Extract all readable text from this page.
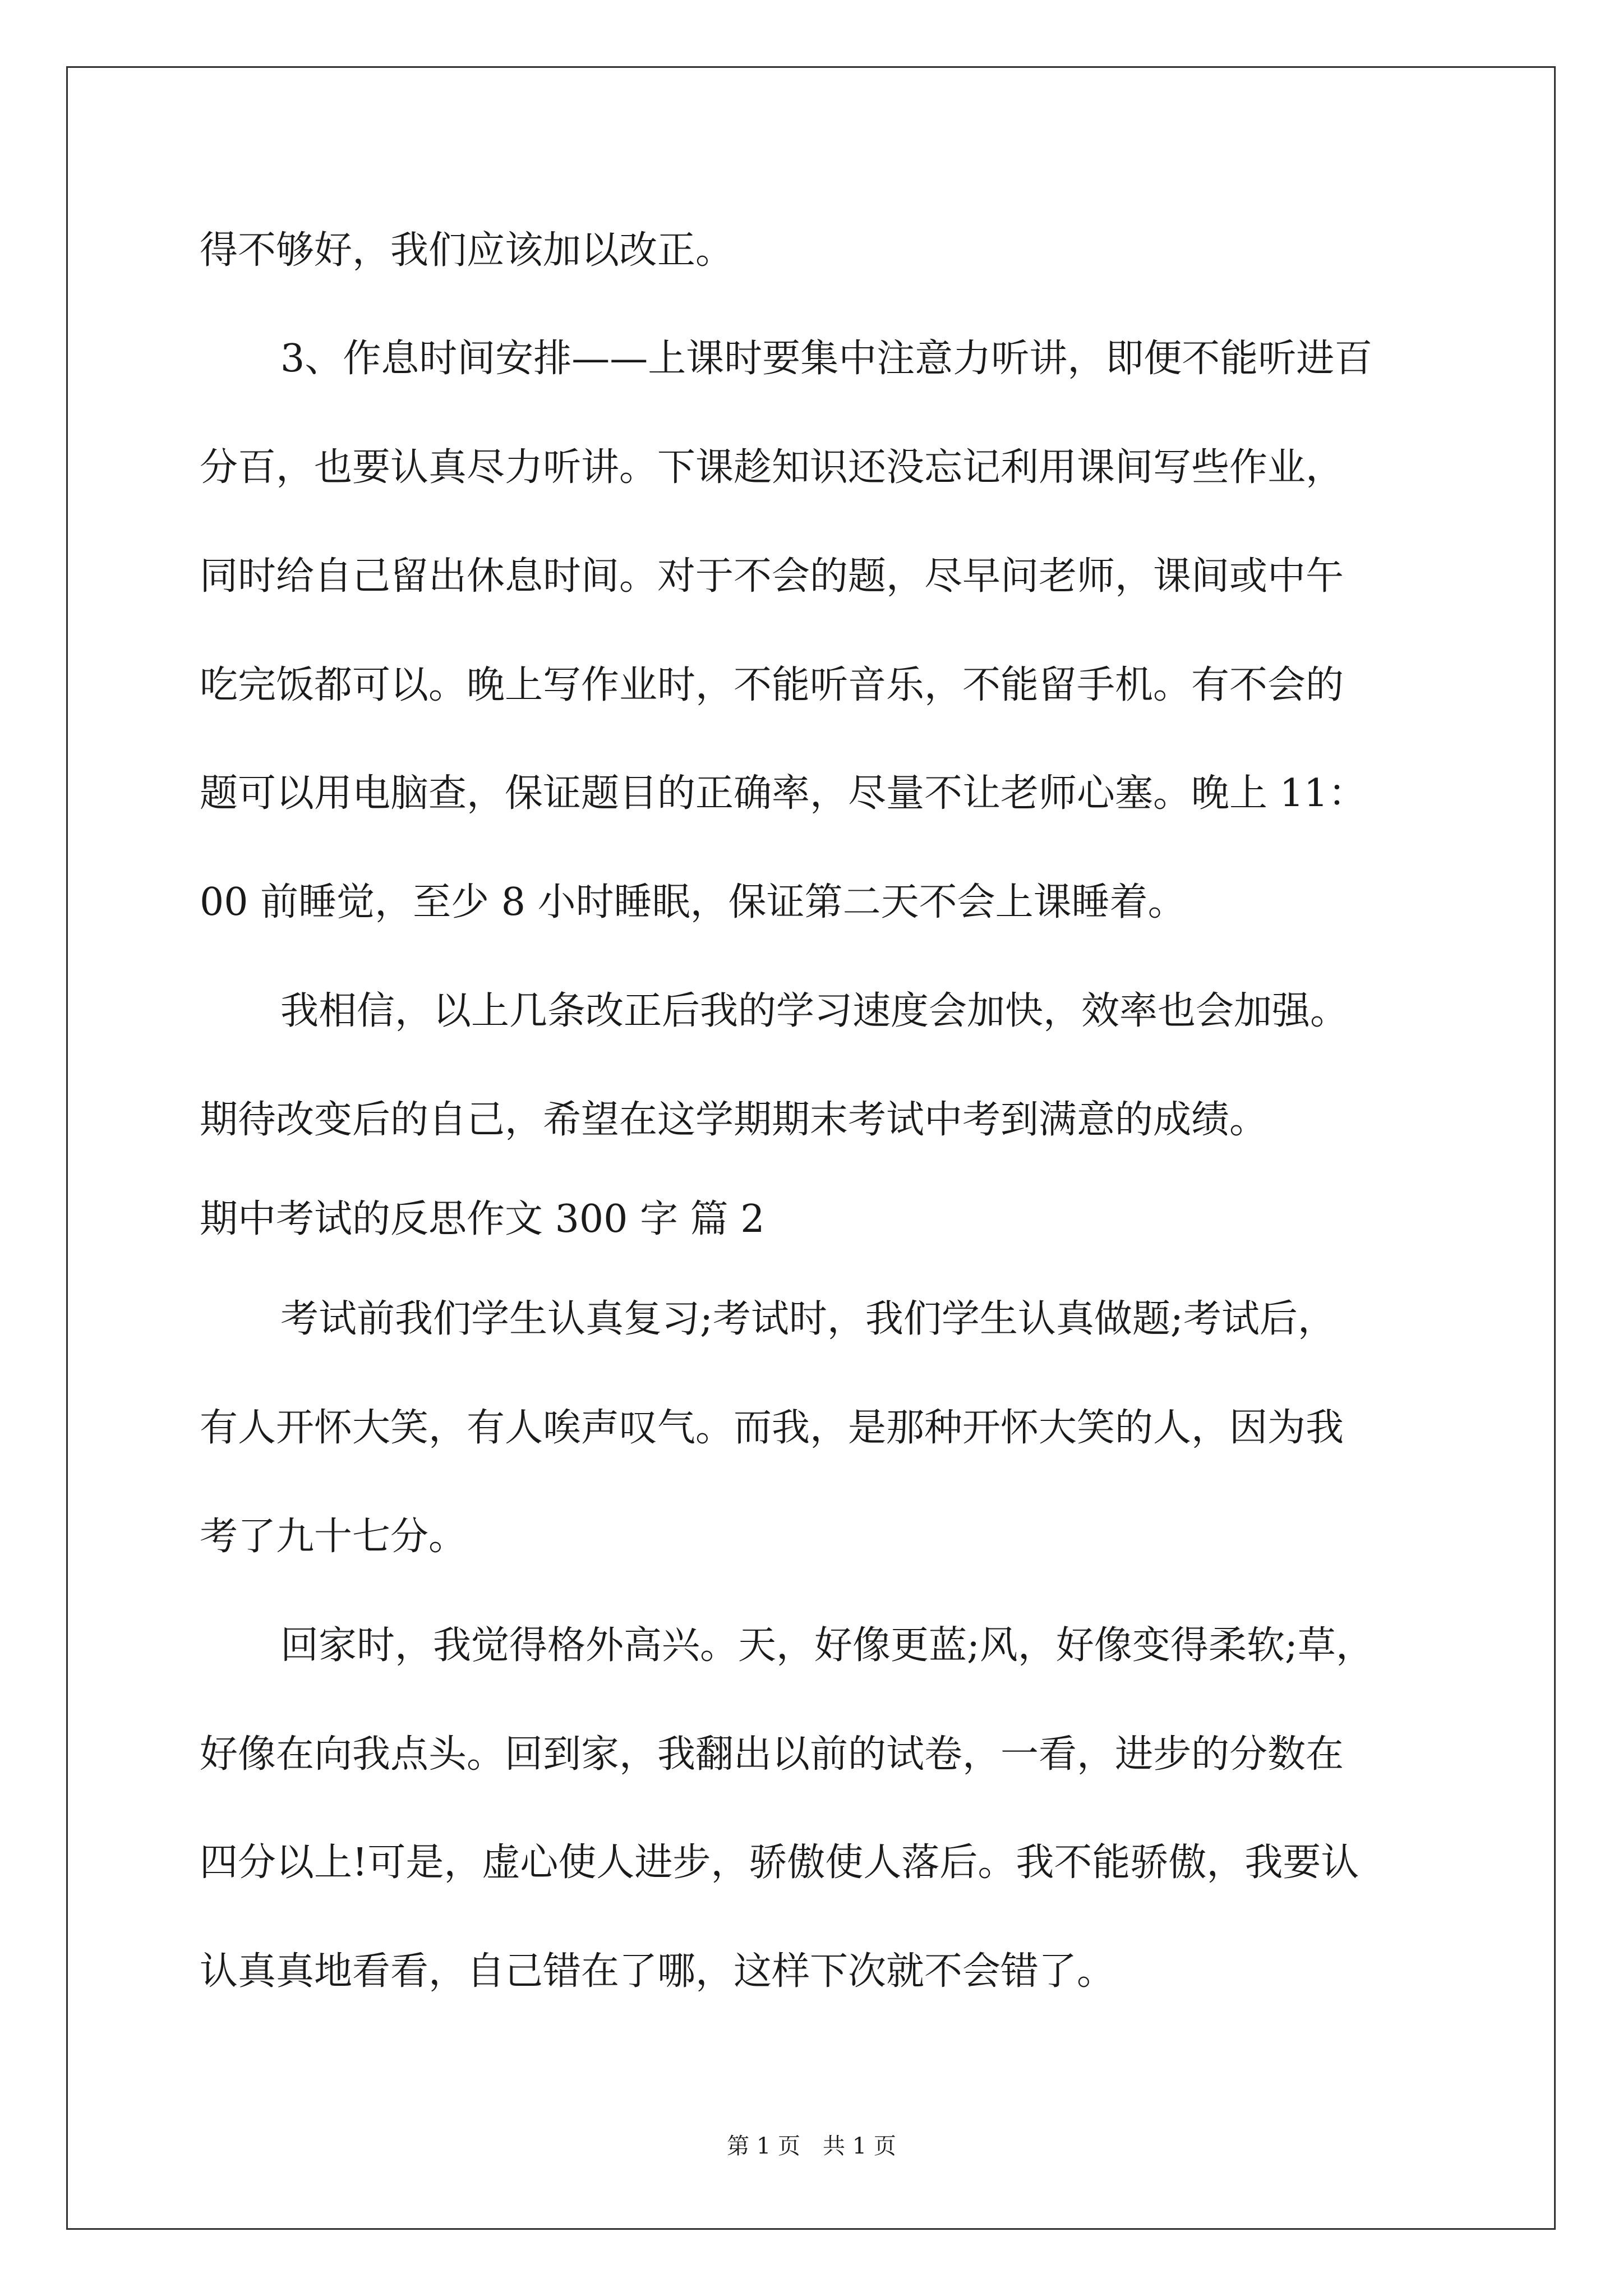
得不够好，我们应该加以改正。
3、作息时间安排——上课时要集中注意力听讲，即便不能听进百
分百，也要认真尽力听讲。下课趁知识还没忘记利用课间写些作业，
同时给自己留出休息时间。对于不会的题，尽早问老师，课间或中午
吃完饭都可以。晚上写作业时，不能听音乐，不能留手机。有不会的
题可以用电脑查，保证题目的正确率，尽量不让老师心塞。晚上 11：
00 前睡觉，至少 8 小时睡眠，保证第二天不会上课睡着。
我相信，以上几条改正后我的学习速度会加快，效率也会加强。
期待改变后的自己，希望在这学期期末考试中考到满意的成绩。
期中考试的反思作文 300 字 篇 2
考试前我们学生认真复习;考试时，我们学生认真做题;考试后，
有人开怀大笑，有人唉声叹气。而我，是那种开怀大笑的人，因为我
考了九十七分。
回家时，我觉得格外高兴。天，好像更蓝;风，好像变得柔软;草，
好像在向我点头。回到家，我翻出以前的试卷，一看，进步的分数在
四分以上!可是，虚心使人进步，骄傲使人落后。我不能骄傲，我要认
认真真地看看，自己错在了哪，这样下次就不会错了。
第 1 页　共 1 页
